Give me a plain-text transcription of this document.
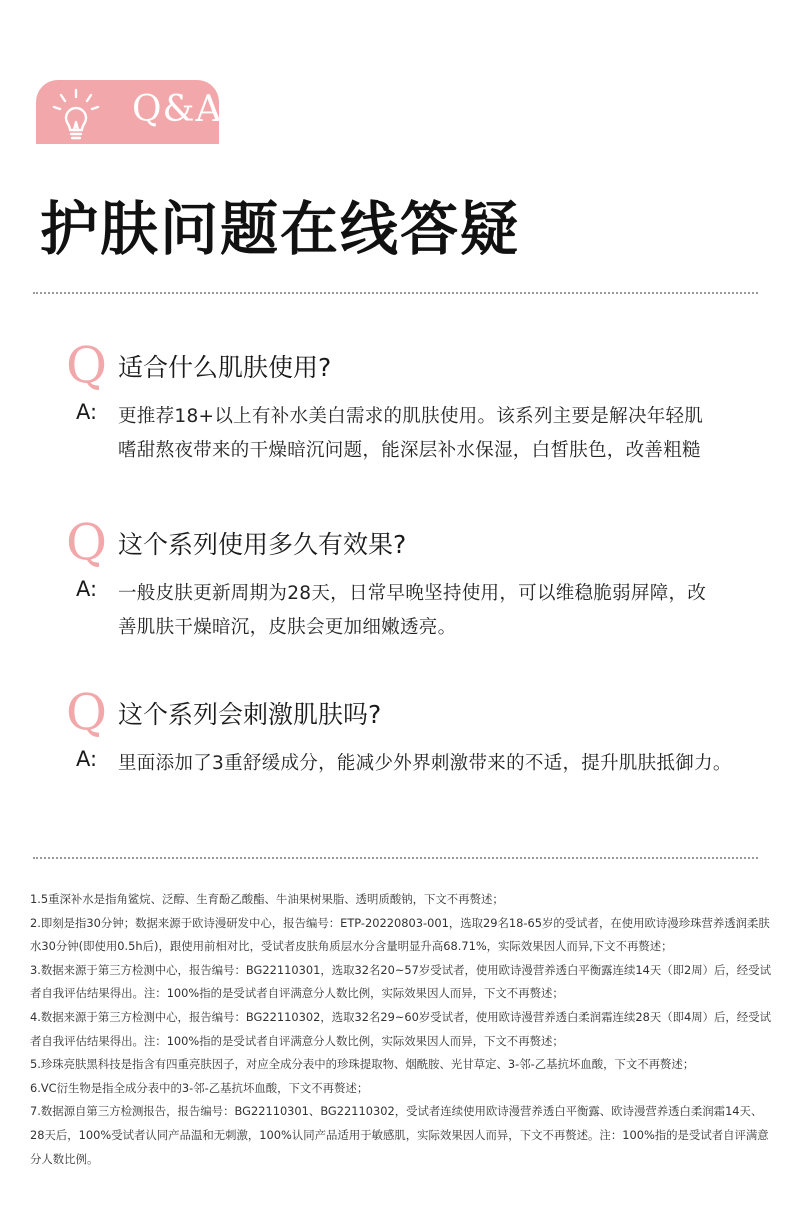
Q&A
护肤问题在线答疑
Q 适合什么肌肤使用?
A: 更推荐18+以上有补水美白需求的肌肤使用。该系列主要是解决年轻肌
嗜甜熬夜带来的干燥暗沉问题，能深层补水保湿，白皙肤色，改善粗糙
Q 这个系列使用多久有效果?
A: 一般皮肤更新周期为28天，日常早晚坚持使用，可以维稳脆弱屏障，改
善肌肤干燥暗沉，皮肤会更加细嫩透亮。
Q 这个系列会刺激肌肤吗?
A: 里面添加了3重舒缓成分，能减少外界刺激带来的不适，提升肌肤抵御力。

1.5重深补水是指角鲨烷、泛醇、生育酚乙酸酯、牛油果树果脂、透明质酸钠，下文不再赘述；

2.即刻是指30分钟；数据来源于欧诗漫研发中心，报告编号：ETP-20220803-001，选取29名18-65岁的受试者，在使用欧诗漫珍珠营养透润柔肤水30分钟(即使用0.5h后)，跟使用前相对比，受试者皮肤角质层水分含量明显升高68.71%，实际效果因人而异,下文不再赘述；

3.数据来源于第三方检测中心，报告编号：BG22110301，选取32名20~57岁受试者，使用欧诗漫营养透白平衡露连续14天（即2周）后，经受试者自我评估结果得出。注：100%指的是受试者自评满意分人数比例，实际效果因人而异，下文不再赘述；

4.数据来源于第三方检测中心，报告编号：BG22110302，选取32名29~60岁受试者，使用欧诗漫营养透白柔润霜连续28天（即4周）后，经受试者自我评估结果得出。注：100%指的是受试者自评满意分人数比例，实际效果因人而异，下文不再赘述；

5.珍珠亮肤黑科技是指含有四重亮肤因子，对应全成分表中的珍珠提取物、烟酰胺、光甘草定、3-邻-乙基抗坏血酸，下文不再赘述；

6.VC衍生物是指全成分表中的3-邻-乙基抗坏血酸，下文不再赘述；

7.数据源自第三方检测报告，报告编号：BG22110301、BG22110302，受试者连续使用欧诗漫营养透白平衡露、欧诗漫营养透白柔润霜14天、28天后，100%受试者认同产品温和无刺激，100%认同产品适用于敏感肌，实际效果因人而异，下文不再赘述。注：100%指的是受试者自评满意分人数比例。
